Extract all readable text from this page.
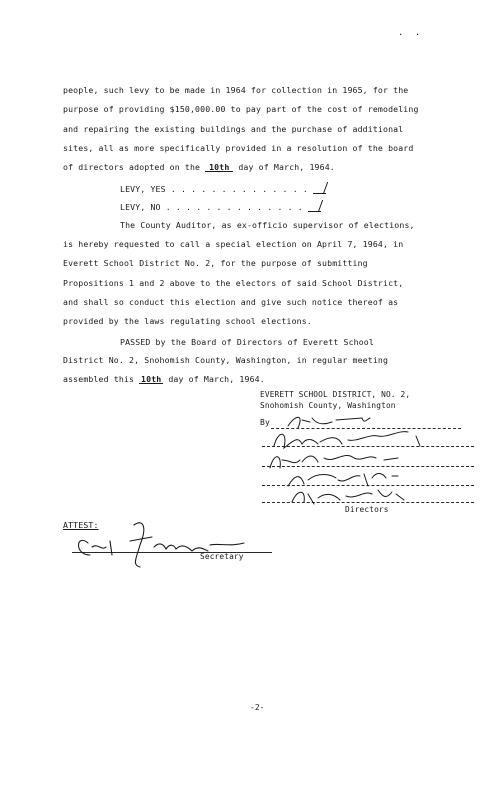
. .
people, such levy to be made in 1964 for collection in 1965, for the
purpose of providing $150,000.00 to pay part of the cost of remodeling
and repairing the existing buildings and the purchase of additional
sites, all as more specifically provided in a resolution of the board
of directors adopted on the 10th day of March, 1964.
LEVY, YES . . . . . . . . . . . . . .
LEVY, NO . . . . . . . . . . . . . .
The County Auditor, as ex-officio supervisor of elections,
is hereby requested to call a special election on April 7, 1964, in
Everett School District No. 2, for the purpose of submitting
Propositions 1 and 2 above to the electors of said School District,
and shall so conduct this election and give such notice thereof as
provided by the laws regulating school elections.
PASSED by the Board of Directors of Everett School
District No. 2, Snohomish County, Washington, in regular meeting
assembled this 10th day of March, 1964.
EVERETT SCHOOL DISTRICT, NO. 2,
Snohomish County, Washington
By
Directors
ATTEST:
Secretary
-2-
